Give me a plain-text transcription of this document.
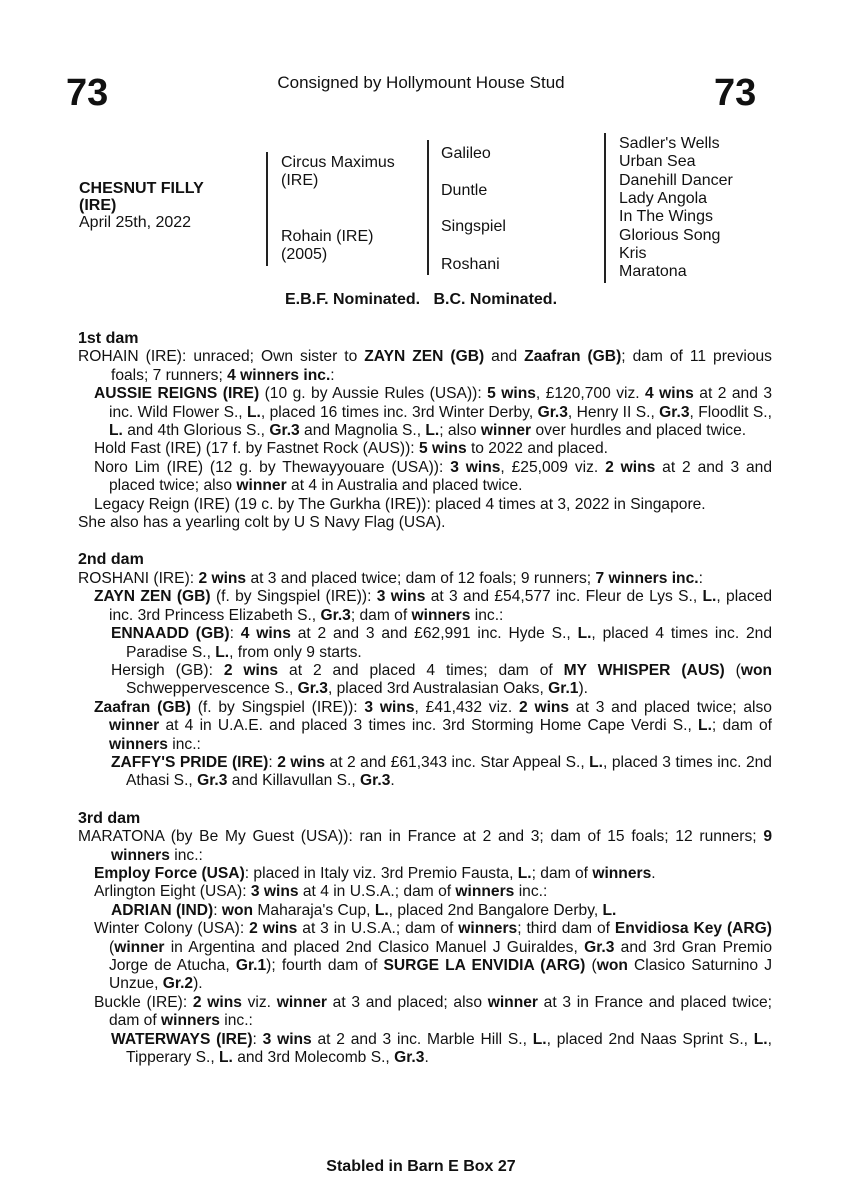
73	Consigned by Hollymount House Stud	73
CHESNUT FILLY
(IRE)
April 25th, 2022
Circus Maximus (IRE)
Rohain (IRE) (2005)
Galileo
Duntle
Singspiel
Roshani
Sadler's Wells
Urban Sea
Danehill Dancer
Lady Angola
In The Wings
Glorious Song
Kris
Maratona
E.B.F. Nominated.   B.C. Nominated.
1st dam
ROHAIN (IRE): unraced; Own sister to ZAYN ZEN (GB) and Zaafran (GB); dam of 11 previous foals; 7 runners; 4 winners inc.:
AUSSIE REIGNS (IRE) (10 g. by Aussie Rules (USA)): 5 wins, £120,700 viz. 4 wins at 2 and 3 inc. Wild Flower S., L., placed 16 times inc. 3rd Winter Derby, Gr.3, Henry II S., Gr.3, Floodlit S., L. and 4th Glorious S., Gr.3 and Magnolia S., L.; also winner over hurdles and placed twice.
Hold Fast (IRE) (17 f. by Fastnet Rock (AUS)): 5 wins to 2022 and placed.
Noro Lim (IRE) (12 g. by Thewayyouare (USA)): 3 wins, £25,009 viz. 2 wins at 2 and 3 and placed twice; also winner at 4 in Australia and placed twice.
Legacy Reign (IRE) (19 c. by The Gurkha (IRE)): placed 4 times at 3, 2022 in Singapore.
She also has a yearling colt by U S Navy Flag (USA).
2nd dam
ROSHANI (IRE): 2 wins at 3 and placed twice; dam of 12 foals; 9 runners; 7 winners inc.:
ZAYN ZEN (GB) (f. by Singspiel (IRE)): 3 wins at 3 and £54,577 inc. Fleur de Lys S., L., placed inc. 3rd Princess Elizabeth S., Gr.3; dam of winners inc.:
ENNAADD (GB): 4 wins at 2 and 3 and £62,991 inc. Hyde S., L., placed 4 times inc. 2nd Paradise S., L., from only 9 starts.
Hersigh (GB): 2 wins at 2 and placed 4 times; dam of MY WHISPER (AUS) (won Schweppervescence S., Gr.3, placed 3rd Australasian Oaks, Gr.1).
Zaafran (GB) (f. by Singspiel (IRE)): 3 wins, £41,432 viz. 2 wins at 3 and placed twice; also winner at 4 in U.A.E. and placed 3 times inc. 3rd Storming Home Cape Verdi S., L.; dam of winners inc.:
ZAFFY'S PRIDE (IRE): 2 wins at 2 and £61,343 inc. Star Appeal S., L., placed 3 times inc. 2nd Athasi S., Gr.3 and Killavullan S., Gr.3.
3rd dam
MARATONA (by Be My Guest (USA)): ran in France at 2 and 3; dam of 15 foals; 12 runners; 9 winners inc.:
Employ Force (USA): placed in Italy viz. 3rd Premio Fausta, L.; dam of winners.
Arlington Eight (USA): 3 wins at 4 in U.S.A.; dam of winners inc.:
ADRIAN (IND): won Maharaja's Cup, L., placed 2nd Bangalore Derby, L.
Winter Colony (USA): 2 wins at 3 in U.S.A.; dam of winners; third dam of Envidiosa Key (ARG) (winner in Argentina and placed 2nd Clasico Manuel J Guiraldes, Gr.3 and 3rd Gran Premio Jorge de Atucha, Gr.1); fourth dam of SURGE LA ENVIDIA (ARG) (won Clasico Saturnino J Unzue, Gr.2).
Buckle (IRE): 2 wins viz. winner at 3 and placed; also winner at 3 in France and placed twice; dam of winners inc.:
WATERWAYS (IRE): 3 wins at 2 and 3 inc. Marble Hill S., L., placed 2nd Naas Sprint S., L., Tipperary S., L. and 3rd Molecomb S., Gr.3.
Stabled in Barn E Box 27
